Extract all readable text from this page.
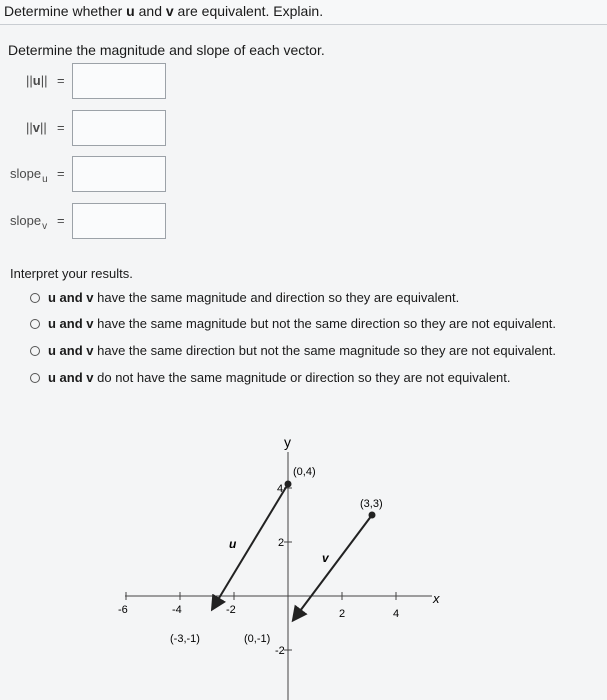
Determine whether u and v are equivalent. Explain.
Determine the magnitude and slope of each vector.
||u|| =
||v|| =
slope$_u$ =
slope$_v$ =
Interpret your results.
u and v have the same magnitude and direction so they are equivalent.
u and v have the same magnitude but not the same direction so they are not equivalent.
u and v have the same direction but not the same magnitude so they are not equivalent.
u and v do not have the same magnitude or direction so they are not equivalent.
x
y
-6	-4	-2	2	4
4
2
-2
u
(0,4)
(-3,-1)
v
(3,3)
(0,-1)
